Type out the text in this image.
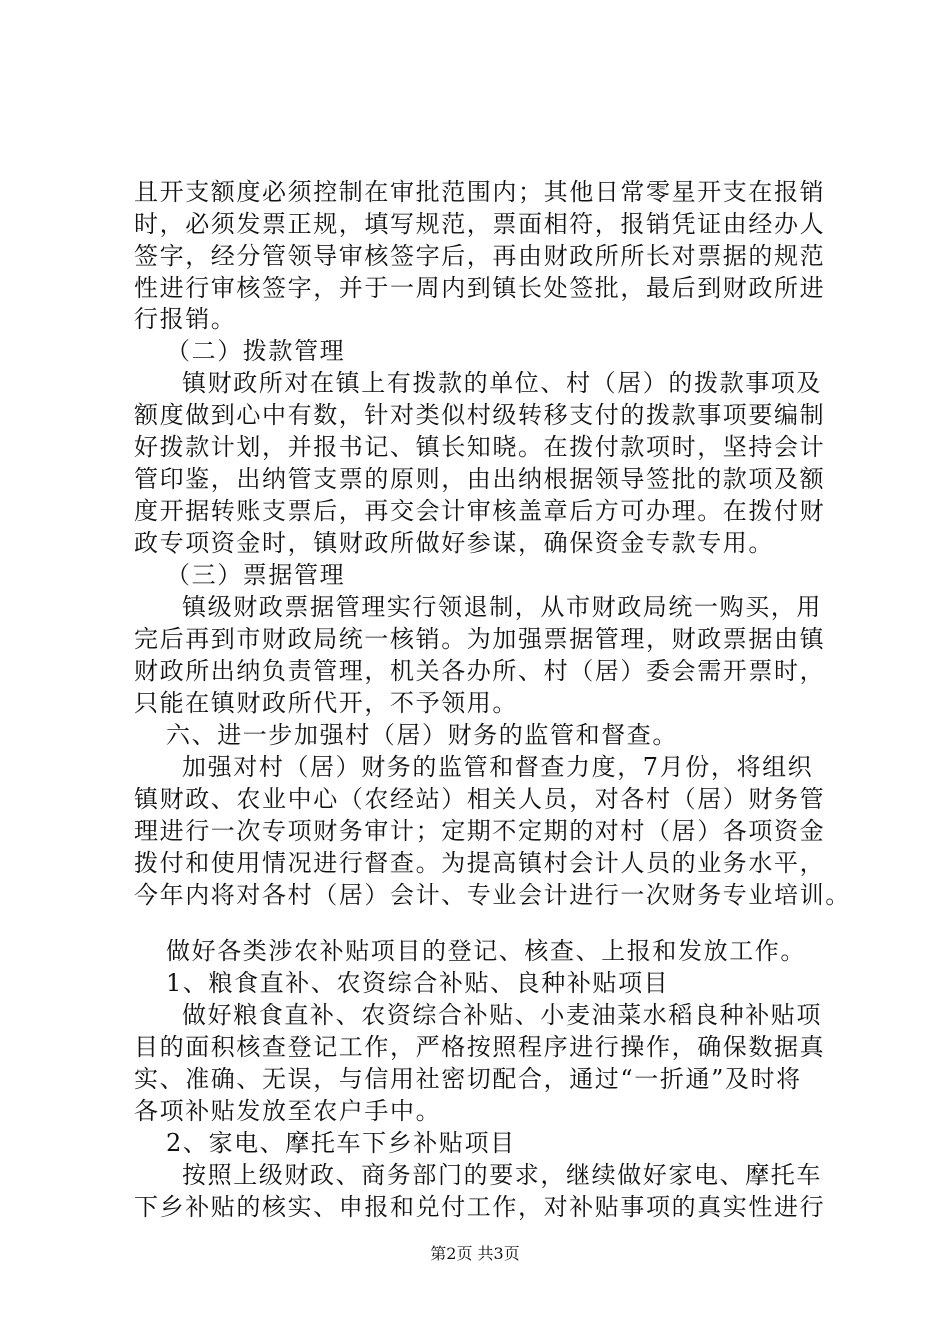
且开支额度必须控制在审批范围内；其他日常零星开支在报销
时，必须发票正规，填写规范，票面相符，报销凭证由经办人
签字，经分管领导审核签字后，再由财政所所长对票据的规范
性进行审核签字，并于一周内到镇长处签批，最后到财政所进
行报销。
（二）拨款管理
镇财政所对在镇上有拨款的单位、村（居）的拨款事项及
额度做到心中有数，针对类似村级转移支付的拨款事项要编制
好拨款计划，并报书记、镇长知晓。在拨付款项时，坚持会计
管印鉴，出纳管支票的原则，由出纳根据领导签批的款项及额
度开据转账支票后，再交会计审核盖章后方可办理。在拨付财
政专项资金时，镇财政所做好参谋，确保资金专款专用。
（三）票据管理
镇级财政票据管理实行领退制，从市财政局统一购买，用
完后再到市财政局统一核销。为加强票据管理，财政票据由镇
财政所出纳负责管理，机关各办所、村（居）委会需开票时，
只能在镇财政所代开，不予领用。
六、进一步加强村（居）财务的监管和督查。
加强对村（居）财务的监管和督查力度，7月份，将组织
镇财政、农业中心（农经站）相关人员，对各村（居）财务管
理进行一次专项财务审计；定期不定期的对村（居）各项资金
拨付和使用情况进行督查。为提高镇村会计人员的业务水平，
今年内将对各村（居）会计、专业会计进行一次财务专业培训。
做好各类涉农补贴项目的登记、核查、上报和发放工作。
1、粮食直补、农资综合补贴、良种补贴项目
做好粮食直补、农资综合补贴、小麦油菜水稻良种补贴项
目的面积核查登记工作，严格按照程序进行操作，确保数据真
实、准确、无误，与信用社密切配合，通过“一折通”及时将
各项补贴发放至农户手中。
2、家电、摩托车下乡补贴项目
按照上级财政、商务部门的要求，继续做好家电、摩托车
下乡补贴的核实、申报和兑付工作，对补贴事项的真实性进行
第2页 共3页
